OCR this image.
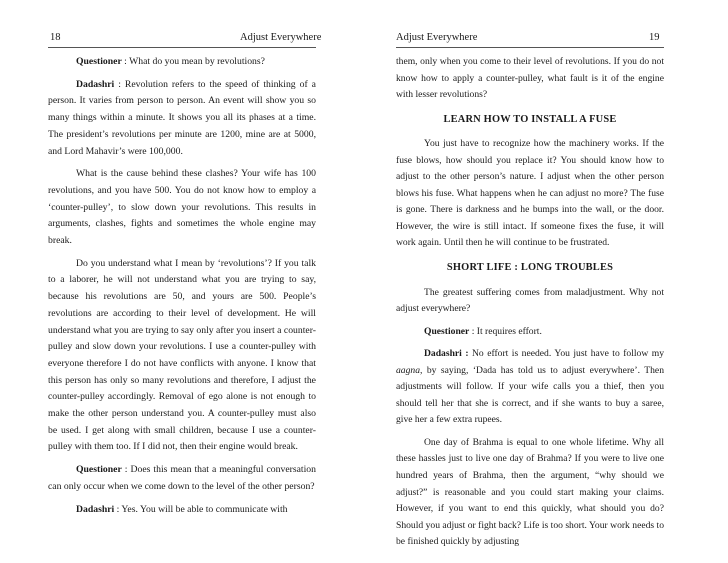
18	Adjust Everywhere

Questioner : What do you mean by revolutions?

Dadashri : Revolution refers to the speed of thinking of a person. It varies from person to person. An event will show you so many things within a minute. It shows you all its phases at a time. The president’s revolutions per minute are 1200, mine are at 5000, and Lord Mahavir’s were 100,000.

What is the cause behind these clashes? Your wife has 100 revolutions, and you have 500. You do not know how to employ a ‘counter-pulley’, to slow down your revolutions. This results in arguments, clashes, fights and sometimes the whole engine may break.

Do you understand what I mean by ‘revolutions’? If you talk to a laborer, he will not understand what you are trying to say, because his revolutions are 50, and yours are 500. People’s revolutions are according to their level of development. He will understand what you are trying to say only after you insert a counter-pulley and slow down your revolutions. I use a counter-pulley with everyone therefore I do not have conflicts with anyone. I know that this person has only so many revolutions and therefore, I adjust the counter-pulley accordingly. Removal of ego alone is not enough to make the other person understand you. A counter-pulley must also be used. I get along with small children, because I use a counter-pulley with them too. If I did not, then their engine would break.

Questioner : Does this mean that a meaningful conversation can only occur when we come down to the level of the other person?

Dadashri : Yes. You will be able to communicate with

Adjust Everywhere	19

them, only when you come to their level of revolutions. If you do not know how to apply a counter-pulley, what fault is it of the engine with lesser revolutions?

LEARN HOW TO INSTALL A FUSE

You just have to recognize how the machinery works. If the fuse blows, how should you replace it? You should know how to adjust to the other person’s nature. I adjust when the other person blows his fuse. What happens when he can adjust no more? The fuse is gone. There is darkness and he bumps into the wall, or the door. However, the wire is still intact. If someone fixes the fuse, it will work again. Until then he will continue to be frustrated.

SHORT LIFE : LONG TROUBLES

The greatest suffering comes from maladjustment. Why not adjust everywhere?

Questioner : It requires effort.

Dadashri : No effort is needed. You just have to follow my aagna, by saying, ‘Dada has told us to adjust everywhere’. Then adjustments will follow. If your wife calls you a thief, then you should tell her that she is correct, and if she wants to buy a saree, give her a few extra rupees.

One day of Brahma is equal to one whole lifetime. Why all these hassles just to live one day of Brahma? If you were to live one hundred years of Brahma, then the argument, “why should we adjust?” is reasonable and you could start making your claims. However, if you want to end this quickly, what should you do? Should you adjust or fight back? Life is too short. Your work needs to be finished quickly by adjusting
